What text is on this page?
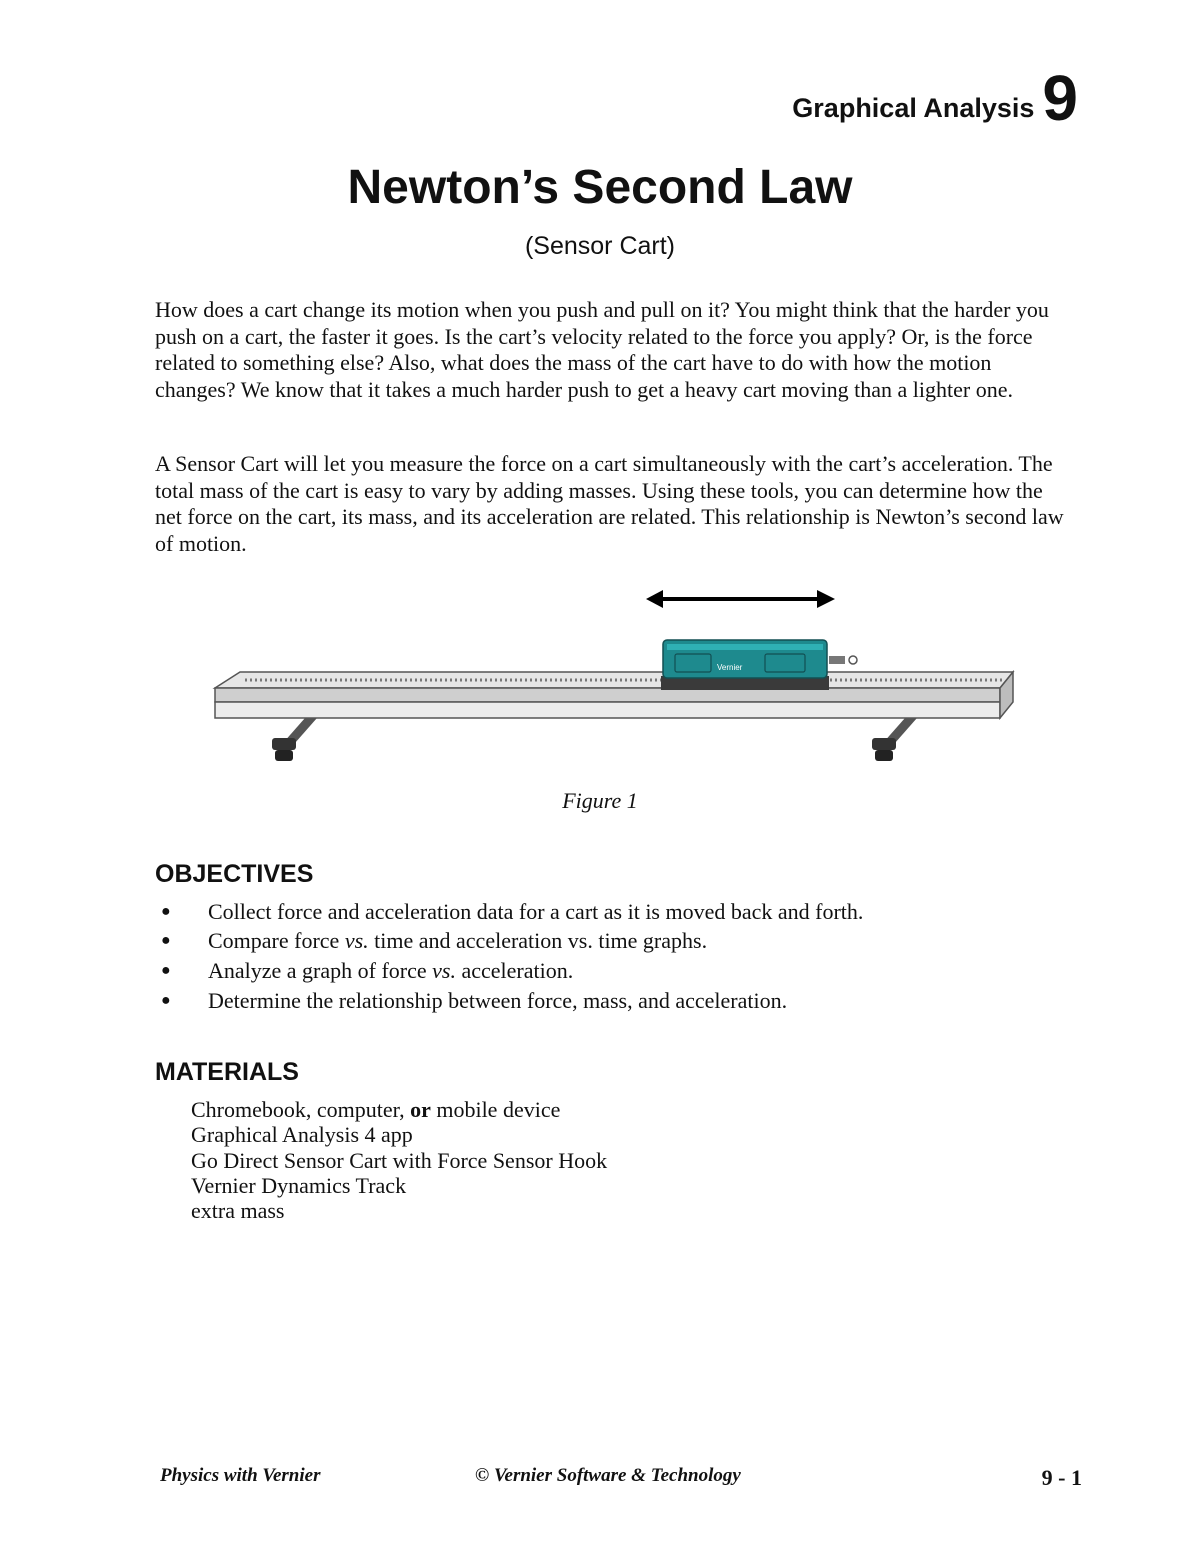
Graphical Analysis 9
Newton’s Second Law
(Sensor Cart)

How does a cart change its motion when you push and pull on it? You might think that the harder you push on a cart, the faster it goes. Is the cart’s velocity related to the force you apply? Or, is the force related to something else? Also, what does the mass of the cart have to do with how the motion changes? We know that it takes a much harder push to get a heavy cart moving than a lighter one.

A Sensor Cart will let you measure the force on a cart simultaneously with the cart’s acceleration. The total mass of the cart is easy to vary by adding masses. Using these tools, you can determine how the net force on the cart, its mass, and its acceleration are related. This relationship is Newton’s second law of motion.

Vernier
Figure 1
OBJECTIVES
●	Collect force and acceleration data for a cart as it is moved back and forth.
●	Compare force vs. time and acceleration vs. time graphs.
●	Analyze a graph of force vs. acceleration.
●	Determine the relationship between force, mass, and acceleration.
MATERIALS
Chromebook, computer, or mobile device
Graphical Analysis 4 app
Go Direct Sensor Cart with Force Sensor Hook
Vernier Dynamics Track
extra mass
Physics with Vernier	© Vernier Software & Technology	9 - 1
